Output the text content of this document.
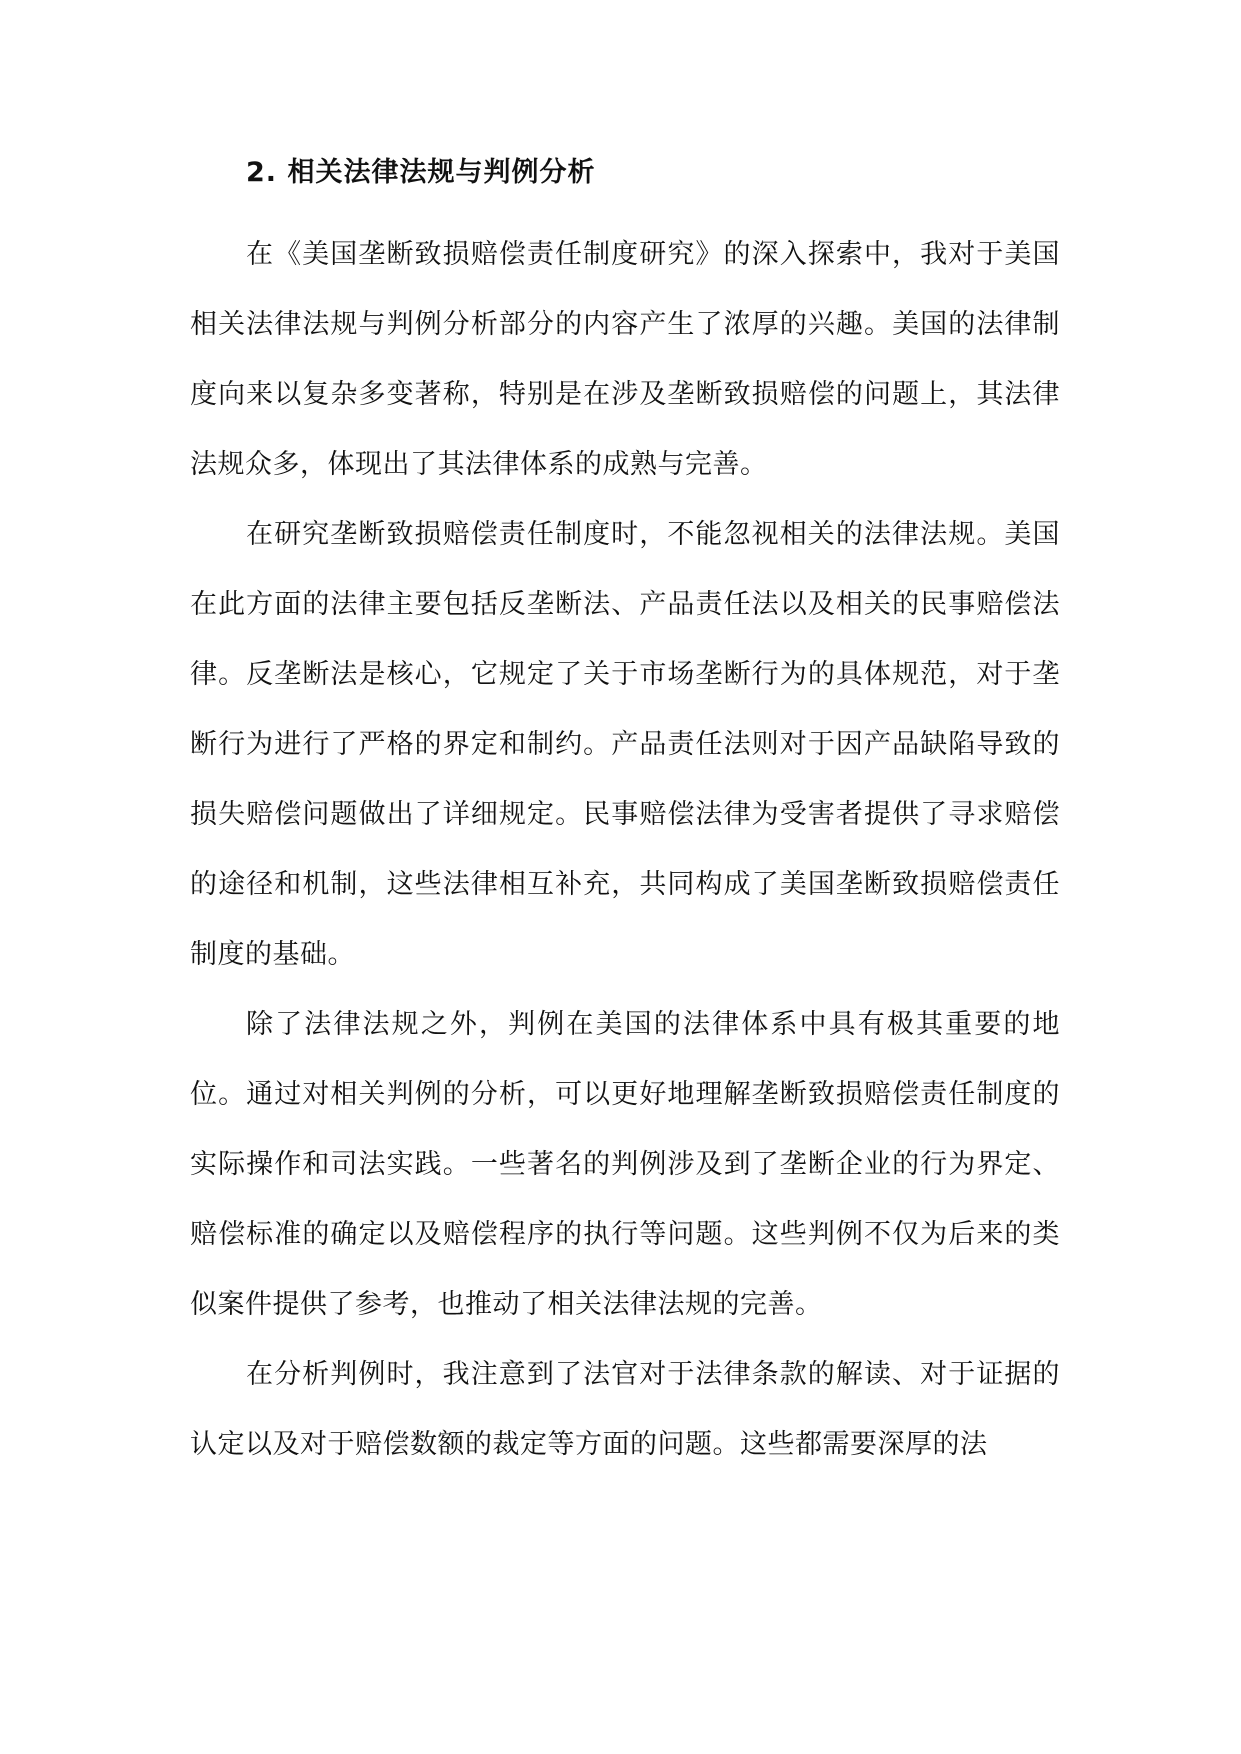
2. 相关法律法规与判例分析

在《美国垄断致损赔偿责任制度研究》的深入探索中，我对于美国相关法律法规与判例分析部分的内容产生了浓厚的兴趣。美国的法律制度向来以复杂多变著称，特别是在涉及垄断致损赔偿的问题上，其法律法规众多，体现出了其法律体系的成熟与完善。

在研究垄断致损赔偿责任制度时，不能忽视相关的法律法规。美国在此方面的法律主要包括反垄断法、产品责任法以及相关的民事赔偿法律。反垄断法是核心，它规定了关于市场垄断行为的具体规范，对于垄断行为进行了严格的界定和制约。产品责任法则对于因产品缺陷导致的损失赔偿问题做出了详细规定。民事赔偿法律为受害者提供了寻求赔偿的途径和机制，这些法律相互补充，共同构成了美国垄断致损赔偿责任制度的基础。

除了法律法规之外，判例在美国的法律体系中具有极其重要的地位。通过对相关判例的分析，可以更好地理解垄断致损赔偿责任制度的实际操作和司法实践。一些著名的判例涉及到了垄断企业的行为界定、赔偿标准的确定以及赔偿程序的执行等问题。这些判例不仅为后来的类似案件提供了参考，也推动了相关法律法规的完善。

在分析判例时，我注意到了法官对于法律条款的解读、对于证据的认定以及对于赔偿数额的裁定等方面的问题。这些都需要深厚的法
